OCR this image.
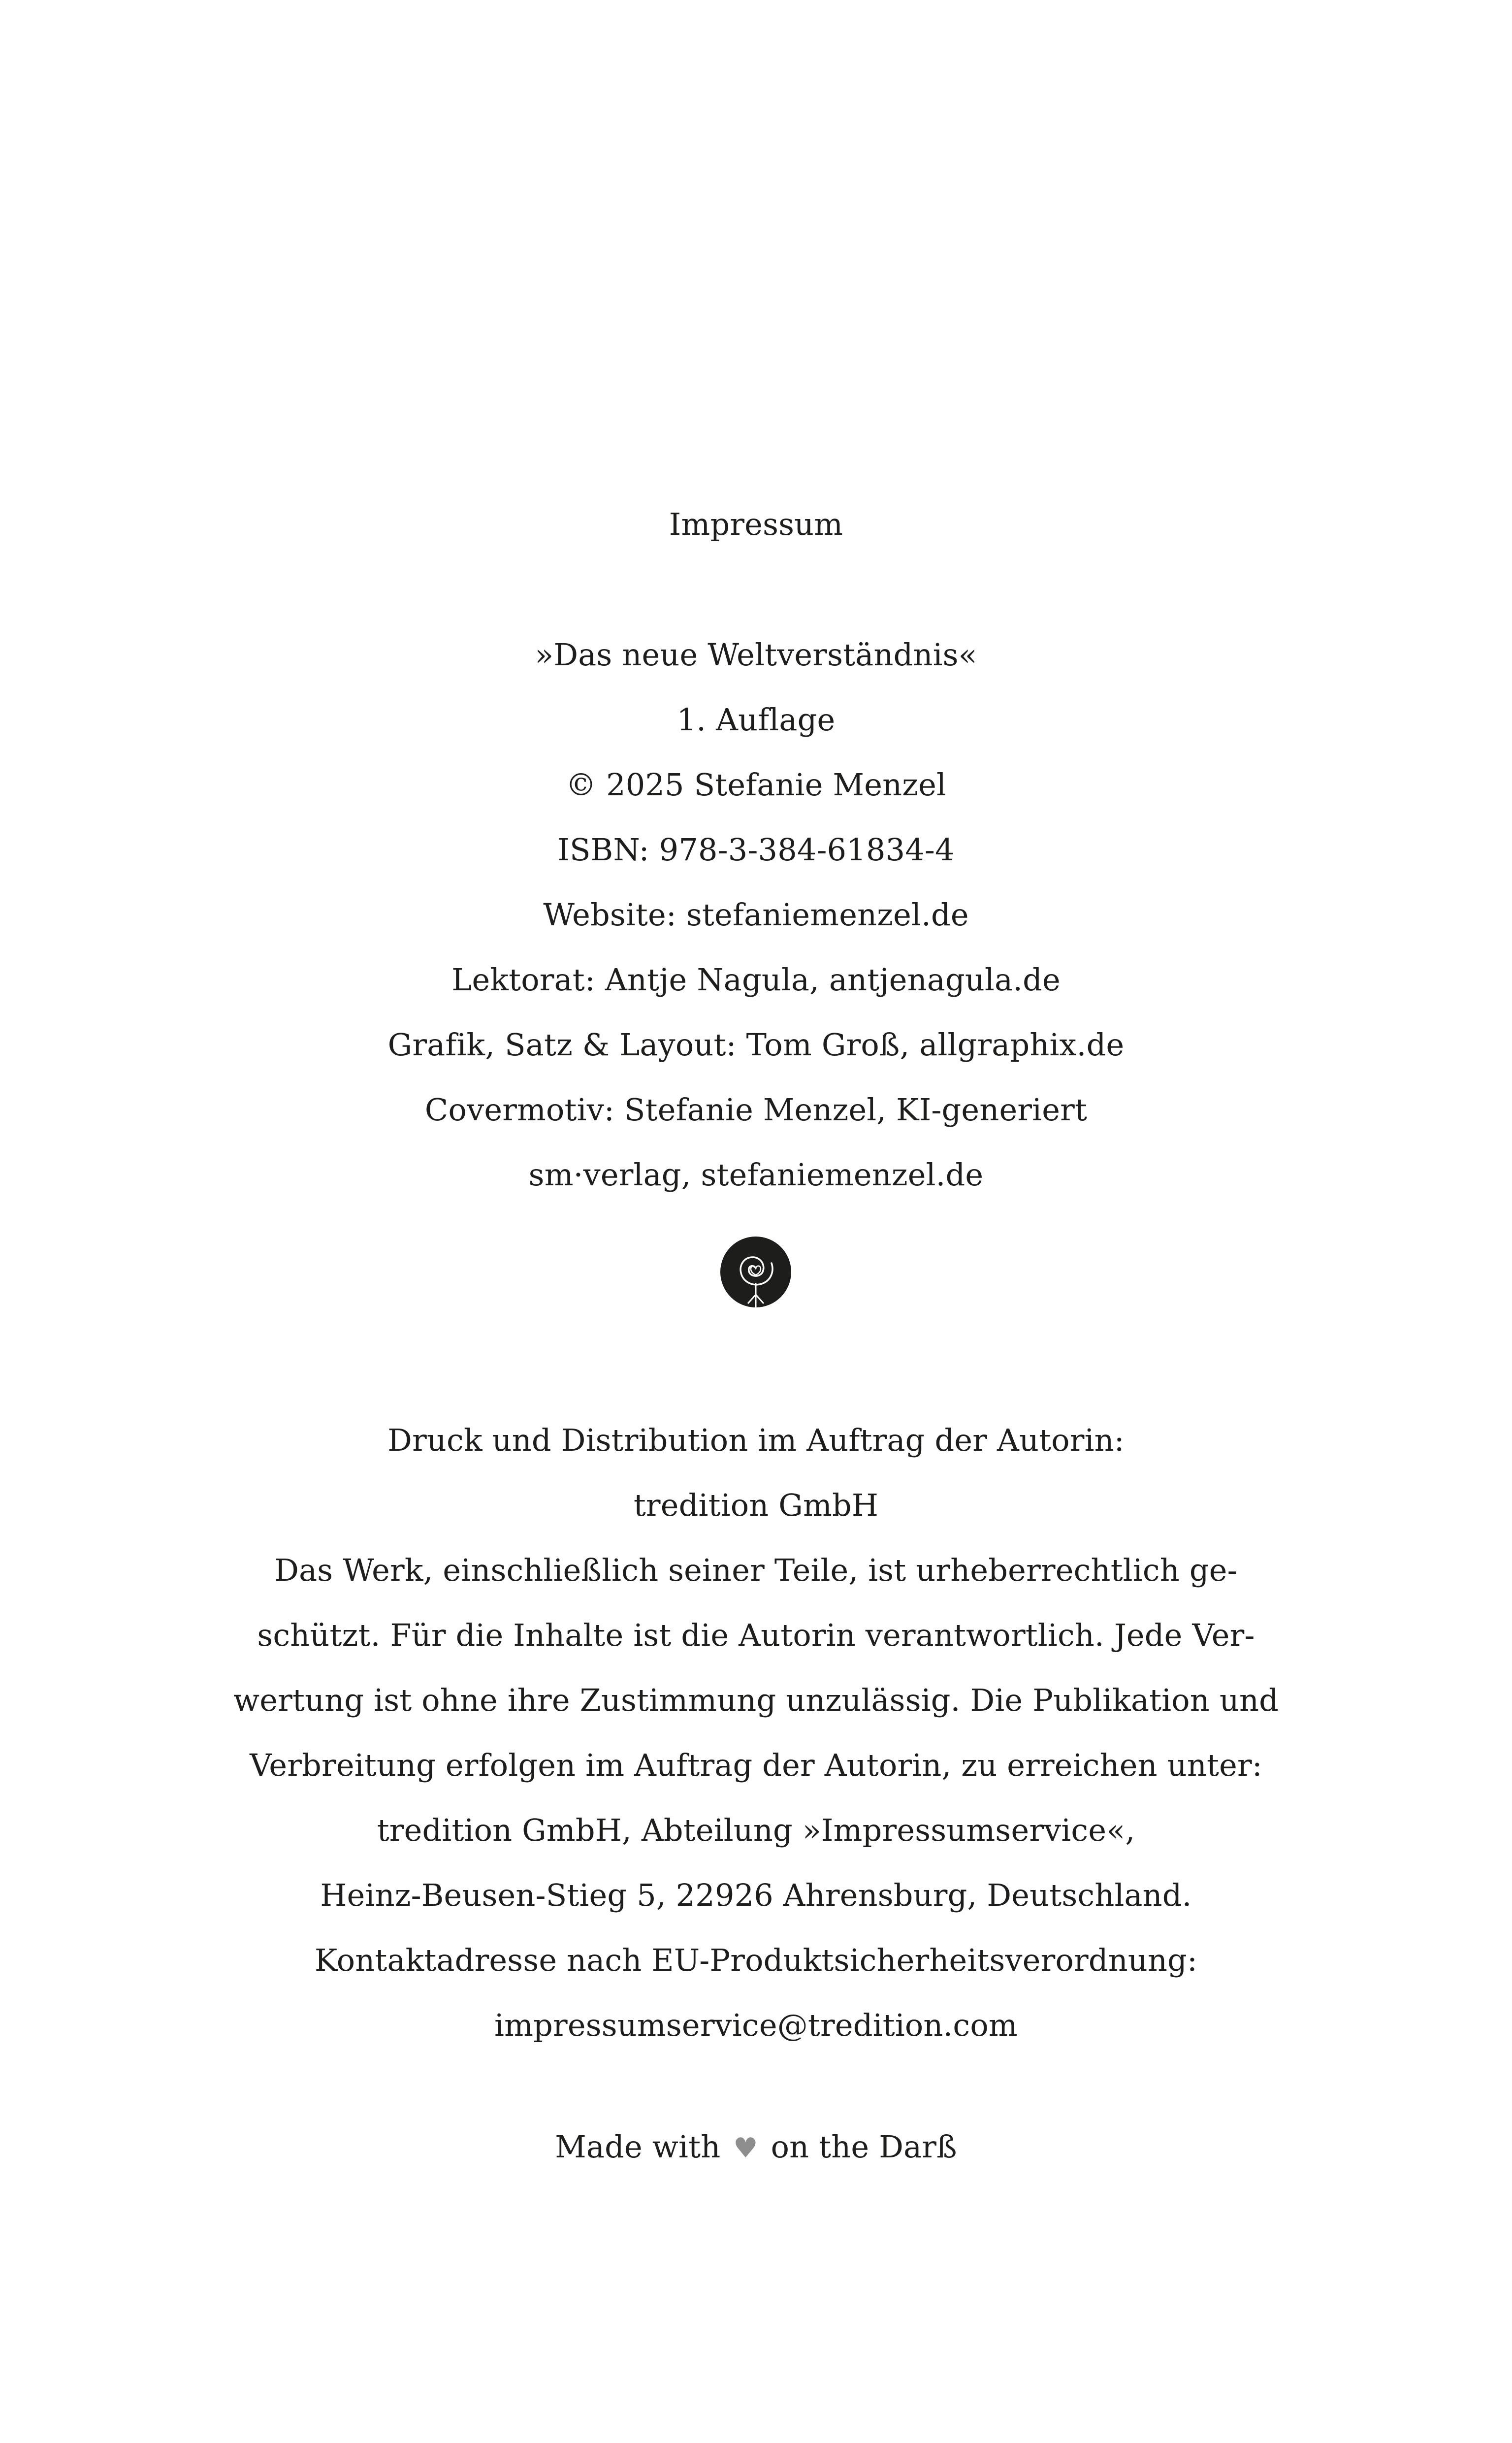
Impressum
»Das neue Weltverständnis«
1. Auflage
© 2025 Stefanie Menzel
ISBN: 978-3-384-61834-4
Website: stefaniemenzel.de
Lektorat: Antje Nagula, antjenagula.de
Grafik, Satz & Layout: Tom Groß, allgraphix.de
Covermotiv: Stefanie Menzel, KI-generiert
sm·verlag, stefaniemenzel.de
Druck und Distribution im Auftrag der Autorin:
tredition GmbH
Das Werk, einschließlich seiner Teile, ist urheberrechtlich ge-
schützt. Für die Inhalte ist die Autorin verantwortlich. Jede Ver-
wertung ist ohne ihre Zustimmung unzulässig. Die Publikation und
Verbreitung erfolgen im Auftrag der Autorin, zu erreichen unter:
tredition GmbH, Abteilung »Impressumservice«,
Heinz-Beusen-Stieg 5, 22926 Ahrensburg, Deutschland.
Kontaktadresse nach EU-Produktsicherheitsverordnung:
impressumservice@tredition.com
Made with ♥ on the Darß
